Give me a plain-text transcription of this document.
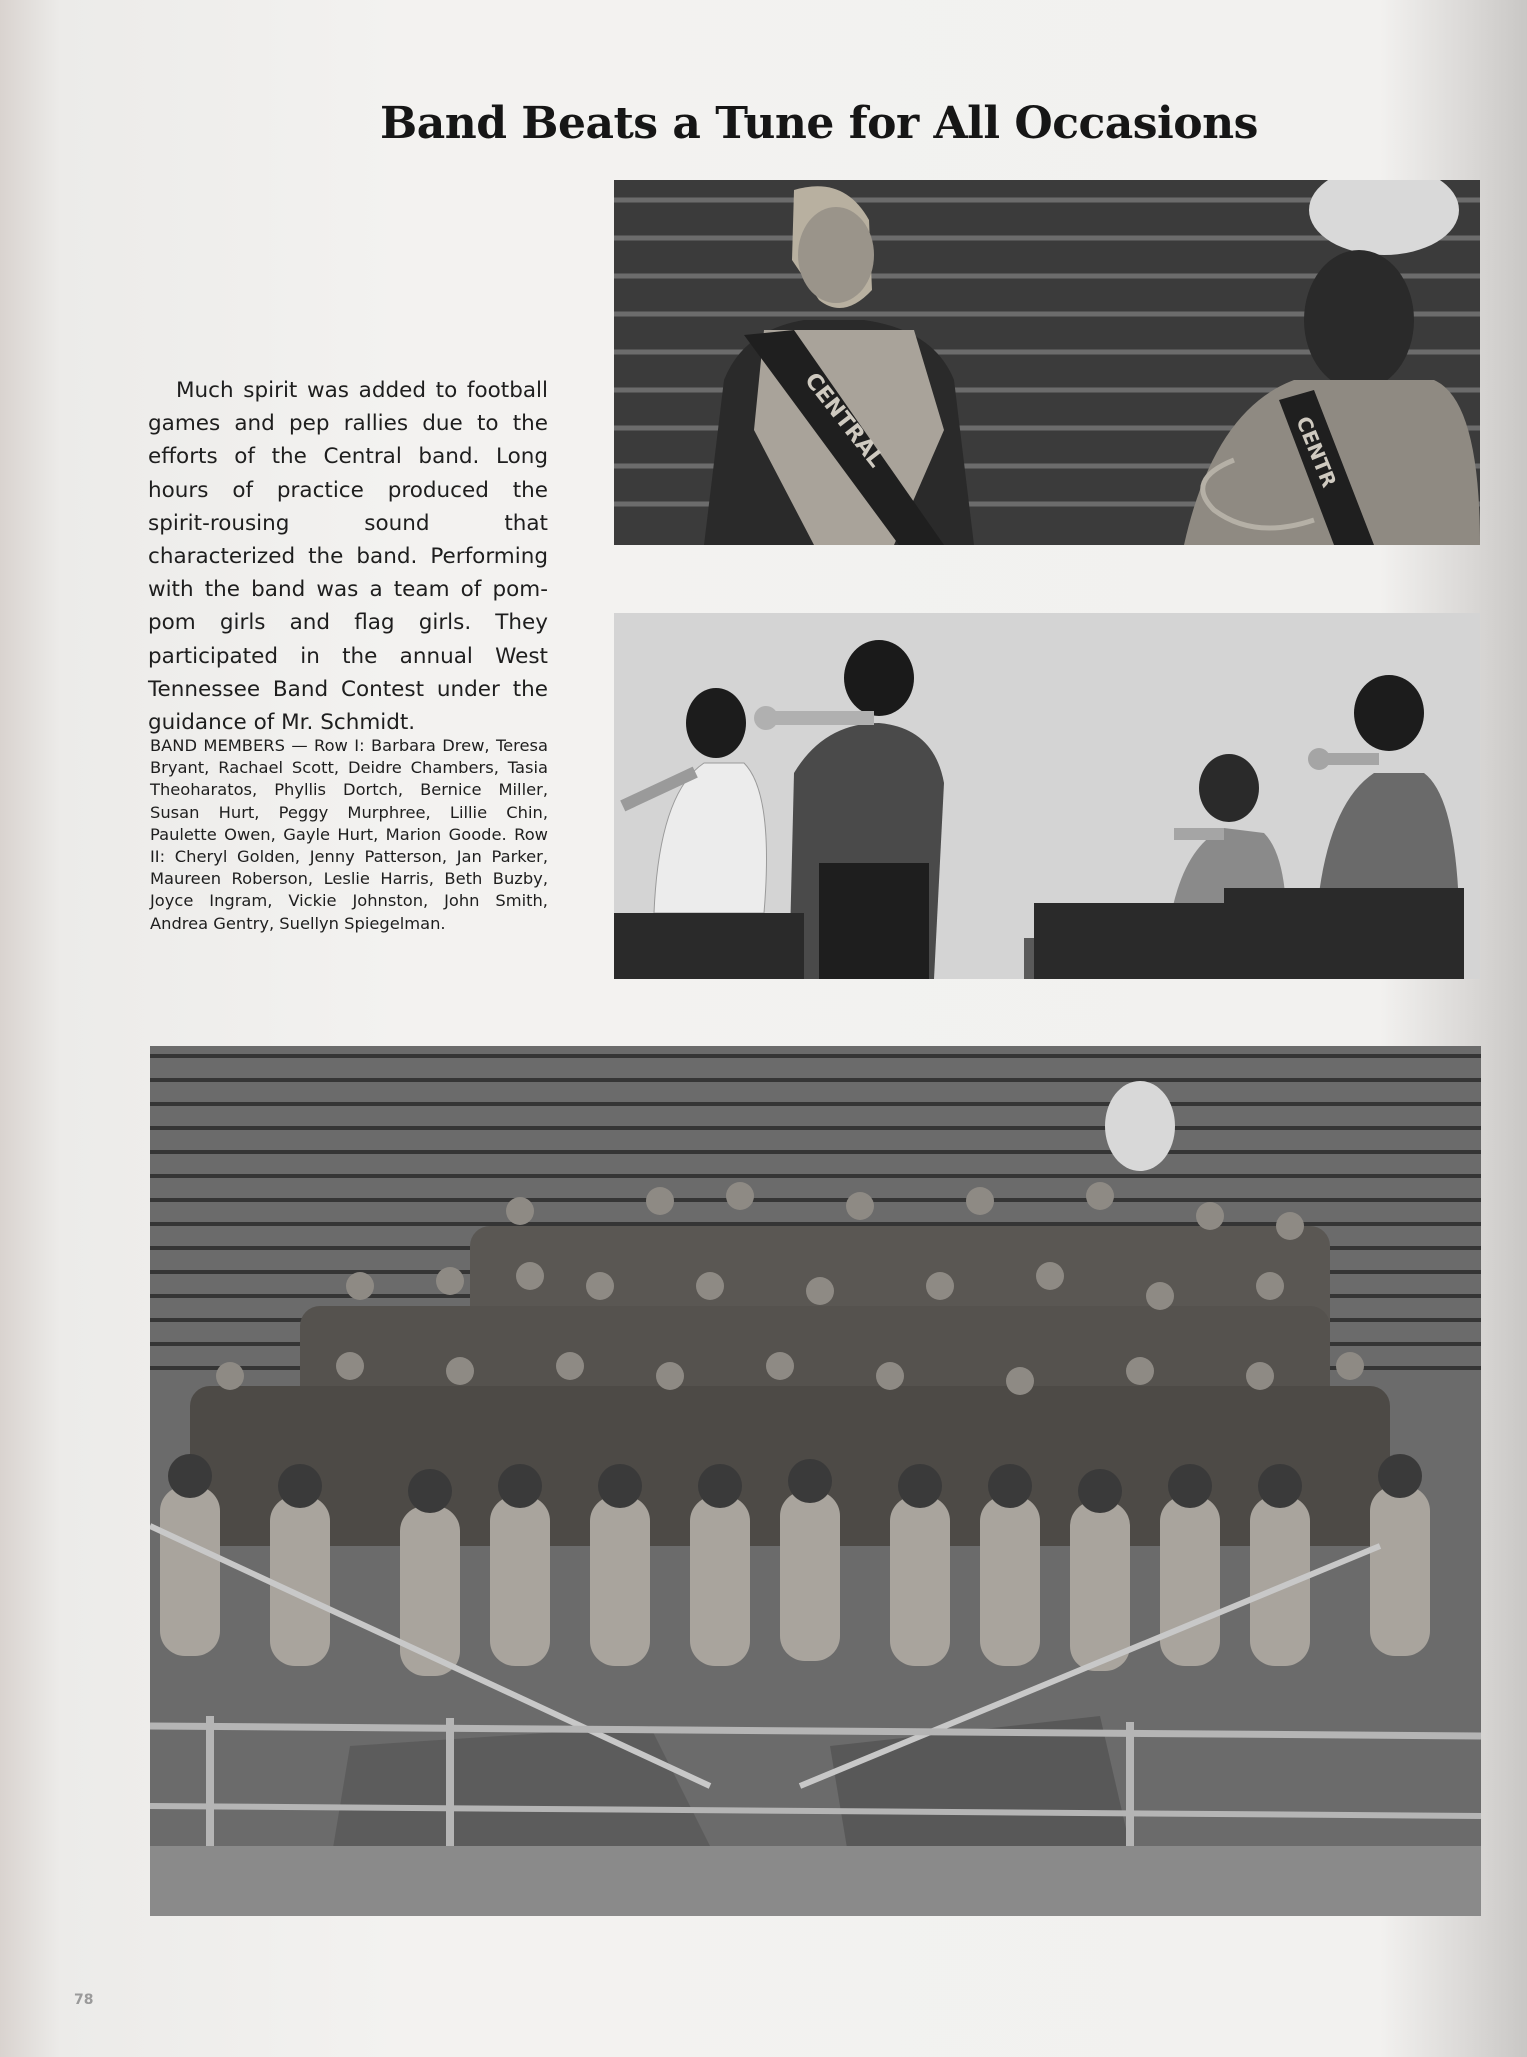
Band Beats a Tune for All Occasions
Much spirit was added to football games and pep rallies due to the efforts of the Central band. Long hours of practice produced the spirit-rousing sound that characterized the band. Performing with the band was a team of pom-pom girls and flag girls. They participated in the annual West Tennessee Band Contest under the guidance of Mr. Schmidt.
BAND MEMBERS — Row I: Barbara Drew, Teresa Bryant, Rachael Scott, Deidre Chambers, Tasia Theoharatos, Phyllis Dortch, Bernice Miller, Susan Hurt, Peggy Murphree, Lillie Chin, Paulette Owen, Gayle Hurt, Marion Goode. Row II: Cheryl Golden, Jenny Patterson, Jan Parker, Maureen Roberson, Leslie Harris, Beth Buzby, Joyce Ingram, Vickie Johnston, John Smith, Andrea Gentry, Suellyn Spiegelman.
CENTRAL	CENTR
78
